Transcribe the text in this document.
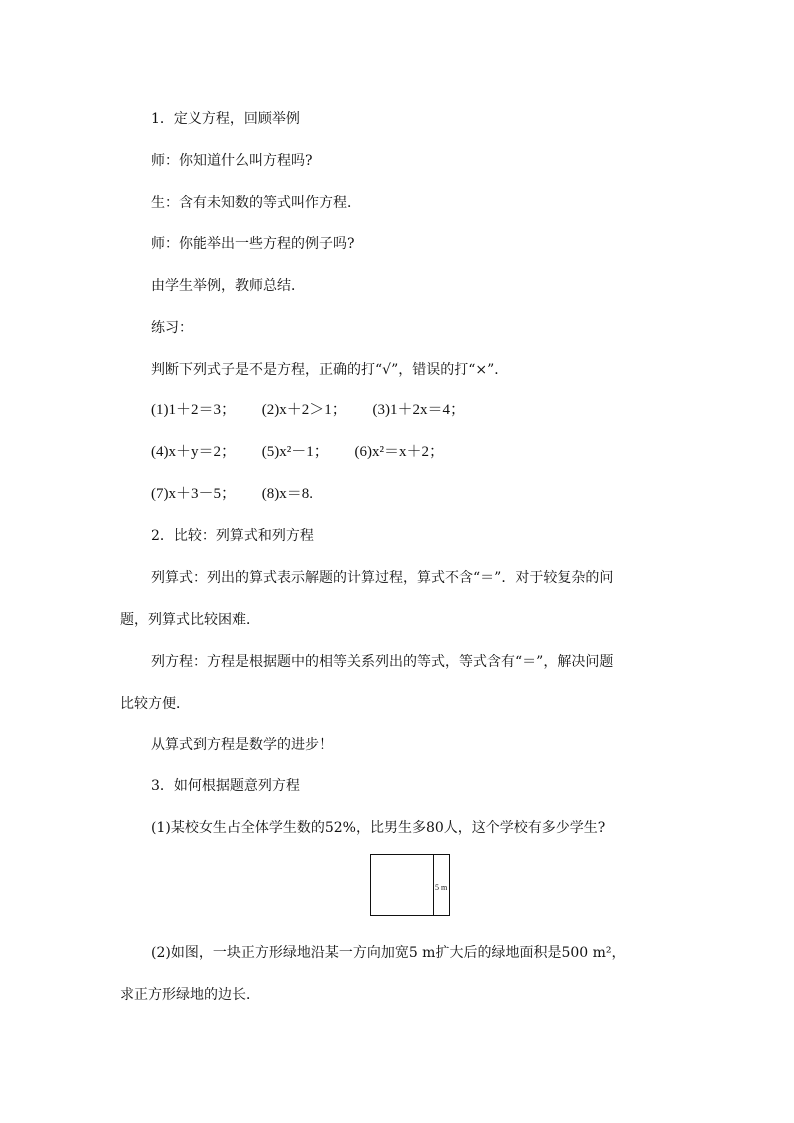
1．定义方程，回顾举例
师：你知道什么叫方程吗?
生：含有未知数的等式叫作方程．
师：你能举出一些方程的例子吗?
由学生举例，教师总结．
练习：
判断下列式子是不是方程，正确的打“√”，错误的打“×”．
(1)1＋2＝3； (2)x＋2＞1； (3)1＋2x＝4；
(4)x＋y＝2； (5)x²－1； (6)x²＝x＋2；
(7)x＋3－5； (8)x＝8.
2．比较：列算式和列方程
列算式：列出的算式表示解题的计算过程，算式不含“＝”．对于较复杂的问
题，列算式比较困难．
列方程：方程是根据题中的相等关系列出的等式，等式含有“＝”，解决问题
比较方便．
从算式到方程是数学的进步！
3．如何根据题意列方程
(1)某校女生占全体学生数的52%，比男生多80人，这个学校有多少学生?
5 m
(2)如图，一块正方形绿地沿某一方向加宽5 m扩大后的绿地面积是500 m²，
求正方形绿地的边长．
